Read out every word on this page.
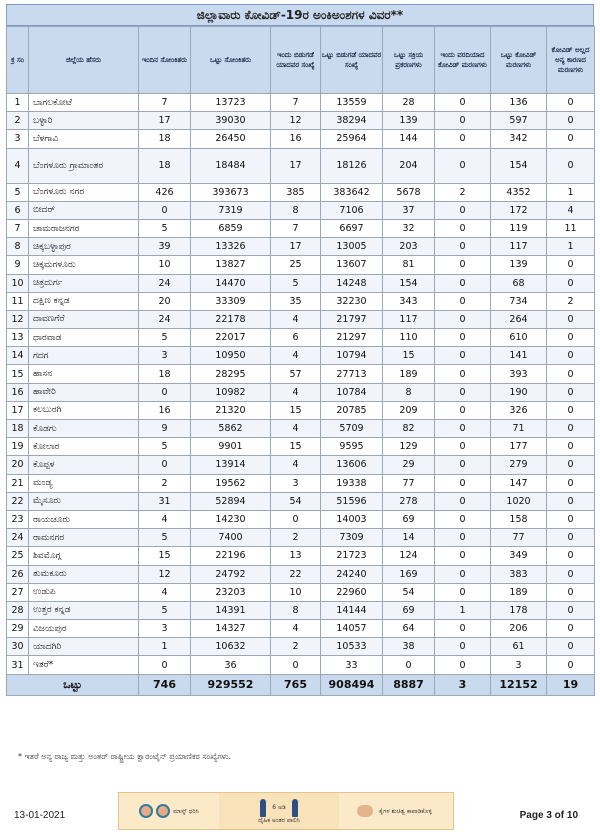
ಜಿಲ್ಲಾವಾರು ಕೋವಿಡ್-19ರ ಅಂಕಿಅಂಶಗಳ ವಿವರ**
ಕ್ರ ಸಂ	ಜಿಲ್ಲೆಯ ಹೆಸರು	ಇಂದಿನ ಸೋಂಕಿತರು	ಒಟ್ಟು ಸೋಂಕಿತರು	ಇಂದು ಬಿಡುಗಡೆ ಯಾದವರ ಸಂಖ್ಯೆ	ಒಟ್ಟು ಬಿಡುಗಡೆ ಯಾದವರ ಸಂಖ್ಯೆ	ಒಟ್ಟು ಸಕ್ರಿಯ ಪ್ರಕರಣಗಳು	ಇಂದು ವರದಿಯಾದ ಕೋವಿಡ್ ಮರಣಗಳು	ಒಟ್ಟು ಕೋವಿಡ್ ಮರಣಗಳು	ಕೋವಿಡ್ ಅಲ್ಲದ ಅನ್ಯ ಕಾರಣದ ಮರಣಗಳು
1	ಬಾಗಲಕೋಟೆ	7	13723	7	13559	28	0	136	0
2	ಬಳ್ಳಾರಿ	17	39030	12	38294	139	0	597	0
3	ಬೆಳಗಾವಿ	18	26450	16	25964	144	0	342	0
4	ಬೆಂಗಳೂರು ಗ್ರಾಮಾಂತರ	18	18484	17	18126	204	0	154	0
5	ಬೆಂಗಳೂರು ನಗರ	426	393673	385	383642	5678	2	4352	1
6	ಬೀದರ್	0	7319	8	7106	37	0	172	4
7	ಚಾಮರಾಜನಗರ	5	6859	7	6697	32	0	119	11
8	ಚಿಕ್ಕಬಳ್ಳಾಪುರ	39	13326	17	13005	203	0	117	1
9	ಚಿಕ್ಕಮಗಳೂರು	10	13827	25	13607	81	0	139	0
10	ಚಿತ್ರದುರ್ಗ	24	14470	5	14248	154	0	68	0
11	ದಕ್ಷಿಣ ಕನ್ನಡ	20	33309	35	32230	343	0	734	2
12	ದಾವಣಗೆರೆ	24	22178	4	21797	117	0	264	0
13	ಧಾರವಾಡ	5	22017	6	21297	110	0	610	0
14	ಗದಗ	3	10950	4	10794	15	0	141	0
15	ಹಾಸನ	18	28295	57	27713	189	0	393	0
16	ಹಾವೇರಿ	0	10982	4	10784	8	0	190	0
17	ಕಲಬುರಗಿ	16	21320	15	20785	209	0	326	0
18	ಕೊಡಗು	9	5862	4	5709	82	0	71	0
19	ಕೋಲಾರ	5	9901	15	9595	129	0	177	0
20	ಕೊಪ್ಪಳ	0	13914	4	13606	29	0	279	0
21	ಮಂಡ್ಯ	2	19562	3	19338	77	0	147	0
22	ಮೈಸೂರು	31	52894	54	51596	278	0	1020	0
23	ರಾಯಚೂರು	4	14230	0	14003	69	0	158	0
24	ರಾಮನಗರ	5	7400	2	7309	14	0	77	0
25	ಶಿವಮೊಗ್ಗ	15	22196	13	21723	124	0	349	0
26	ತುಮಕೂರು	12	24792	22	24240	169	0	383	0
27	ಉಡುಪಿ	4	23203	10	22960	54	0	189	0
28	ಉತ್ತರ ಕನ್ನಡ	5	14391	8	14144	69	1	178	0
29	ವಿಜಯಪುರ	3	14327	4	14057	64	0	206	0
30	ಯಾದಗಿರಿ	1	10632	2	10533	38	0	61	0
31	ಇತರೆ*	0	36	0	33	0	0	3	0
ಒಟ್ಟು		746	929552	765	908494	8887	3	12152	19
* ಇತರೆ ಅನ್ಯ ರಾಜ್ಯ ಮತ್ತು ಅಂತರ್ ರಾಷ್ಟ್ರೀಯ ಕ್ವಾರಂಟೈನ್ ಪ್ರಯಾಣಿಕರ ಸಂಖ್ಯೆಗಳು.
13-01-2021	ಮಾಸ್ಕ್ ಧರಿಸಿ	6 ಅಡಿ
ದೈಹಿಕ ಅಂತರ ಪಾಲಿಸಿ
ಕೈಗಳ ಶುಚಿತ್ವ ಕಾಪಾಡಿಕೊಳ್ಳಿ	Page 3 of 10
